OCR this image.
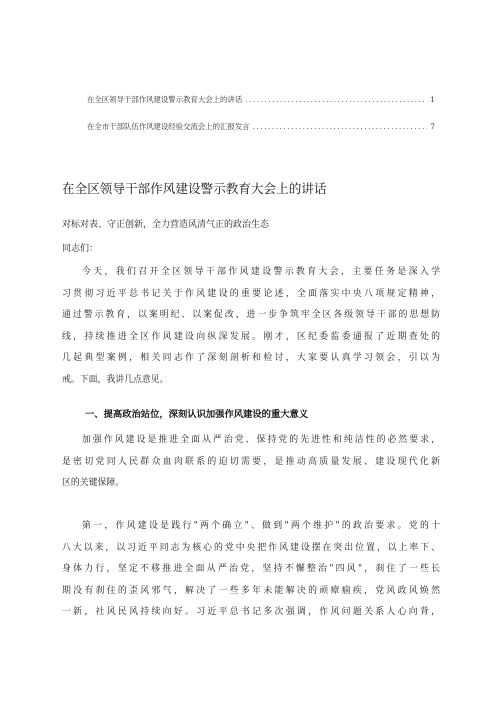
在全区领导干部作风建设警示教育大会上的讲话 .....	1
在全市干部队伍作风建设经验交流会上的汇报发言 .....	7
在全区领导干部作风建设警示教育大会上的讲话
对标对表、守正创新，全力营造风清气正的政治生态
同志们：
今天，我们召开全区领导干部作风建设警示教育大会，主要任务是深入学
习贯彻习近平总书记关于作风建设的重要论述，全面落实中央八项规定精神，
通过警示教育，以案明纪、以案促改，进一步争筑牢全区各级领导干部的思想防
线，持续推进全区作风建设向纵深发展。刚才，区纪委监委通报了近期查处的
几起典型案例，相关同志作了深刻剖析和检讨，大家要认真学习领会，引以为
戒。下面，我讲几点意见。
一、提高政治站位，深刻认识加强作风建设的重大意义
加强作风建设是推进全面从严治党、保持党的先进性和纯洁性的必然要求，
是密切党同人民群众血肉联系的迫切需要，是推动高质量发展、建设现代化新
区的关键保障。
第一，作风建设是践行"两个确立"、做到"两个维护"的政治要求。党的十
八大以来，以习近平同志为核心的党中央把作风建设摆在突出位置，以上率下、
身体力行，坚定不移推进全面从严治党，坚持不懈整治"四风"，刹住了一些长
期没有刹住的歪风邪气，解决了一些多年未能解决的顽瘴痼疾，党风政风焕然
一新，社风民风持续向好。习近平总书记多次强调，作风问题关系人心向背，
